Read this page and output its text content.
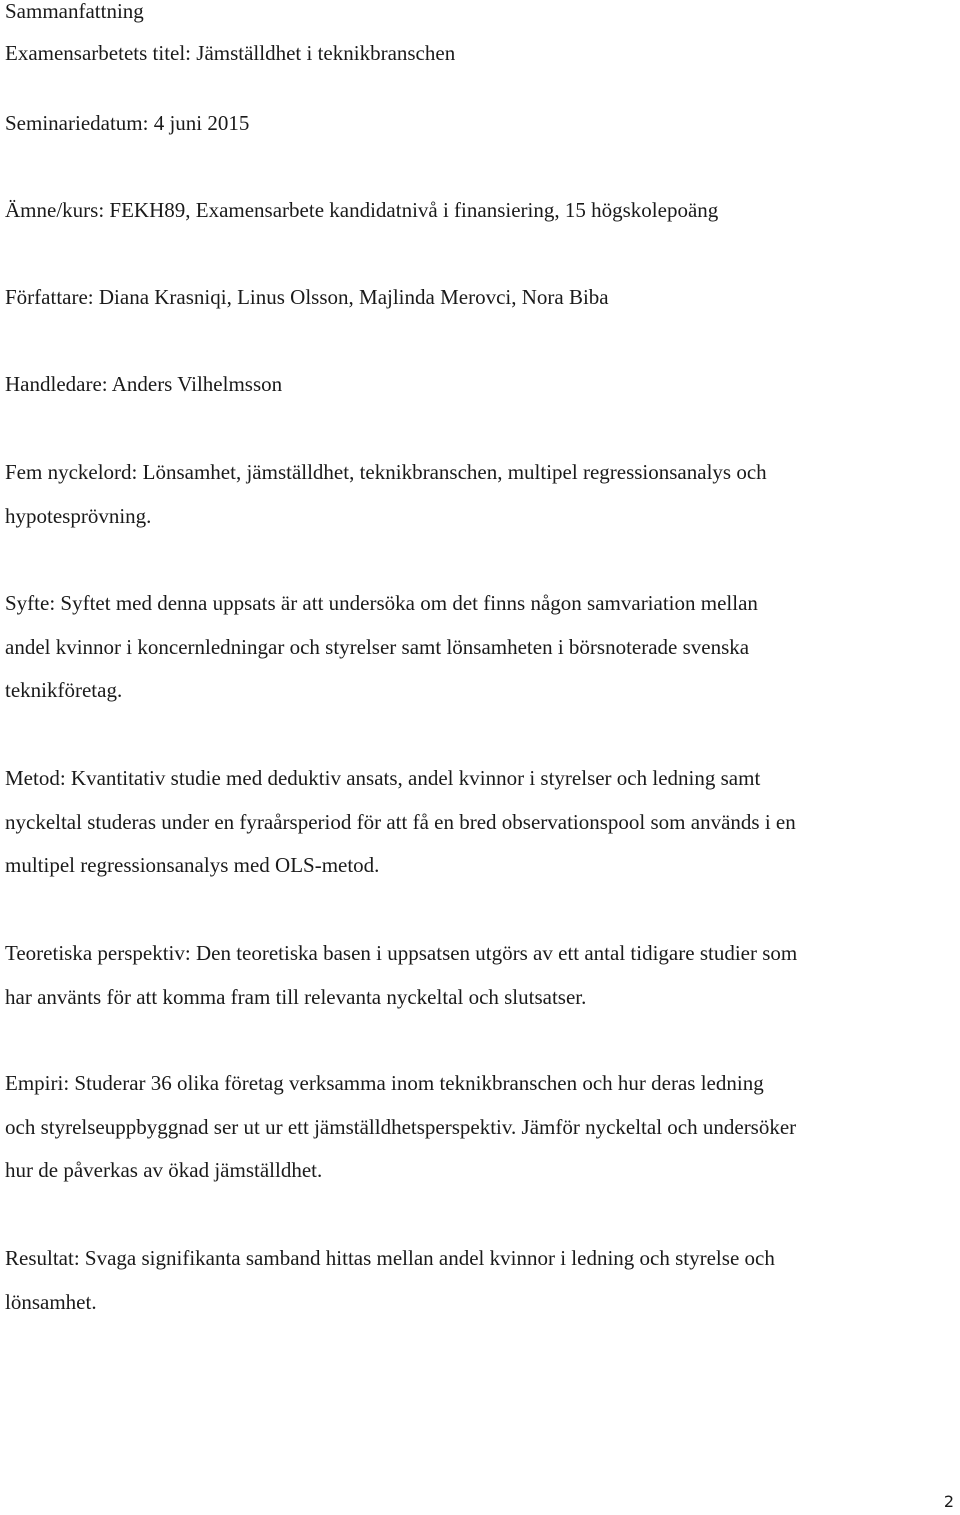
Sammanfattning
Examensarbetets titel: Jämställdhet i teknikbranschen
Seminariedatum: 4 juni 2015
Ämne/kurs: FEKH89, Examensarbete kandidatnivå i finansiering, 15 högskolepoäng
Författare: Diana Krasniqi, Linus Olsson, Majlinda Merovci, Nora Biba
Handledare: Anders Vilhelmsson
Fem nyckelord: Lönsamhet, jämställdhet, teknikbranschen, multipel regressionsanalys och
hypotesprövning.
Syfte: Syftet med denna uppsats är att undersöka om det finns någon samvariation mellan
andel kvinnor i koncernledningar och styrelser samt lönsamheten i börsnoterade svenska
teknikföretag.
Metod: Kvantitativ studie med deduktiv ansats, andel kvinnor i styrelser och ledning samt
nyckeltal studeras under en fyraårsperiod för att få en bred observationspool som används i en
multipel regressionsanalys med OLS-metod.
Teoretiska perspektiv: Den teoretiska basen i uppsatsen utgörs av ett antal tidigare studier som
har använts för att komma fram till relevanta nyckeltal och slutsatser.
Empiri: Studerar 36 olika företag verksamma inom teknikbranschen och hur deras ledning
och styrelseuppbyggnad ser ut ur ett jämställdhetsperspektiv. Jämför nyckeltal och undersöker
hur de påverkas av ökad jämställdhet.
Resultat: Svaga signifikanta samband hittas mellan andel kvinnor i ledning och styrelse och
lönsamhet.
2
